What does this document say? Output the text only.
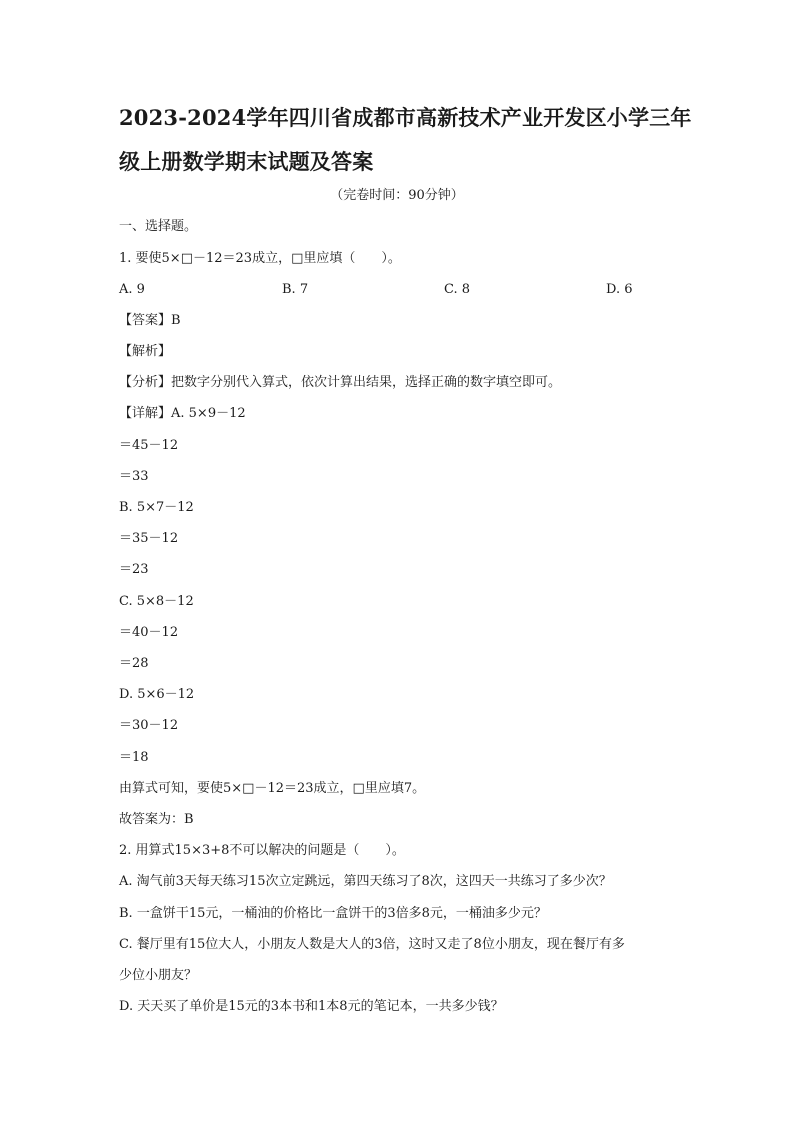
2023-2024学年四川省成都市高新技术产业开发区小学三年
级上册数学期末试题及答案
（完卷时间：90分钟）
一、选择题。
1. 要使5×□－12＝23成立，□里应填（　　）。
A. 9	B. 7	C. 8	D. 6
【答案】B
【解析】
【分析】把数字分别代入算式，依次计算出结果，选择正确的数字填空即可。
【详解】A. 5×9－12
＝45－12
＝33
B. 5×7－12
＝35－12
＝23
C. 5×8－12
＝40－12
＝28
D. 5×6－12
＝30－12
＝18
由算式可知，要使5×□－12＝23成立，□里应填7。
故答案为：B
2. 用算式15×3+8不可以解决的问题是（　　）。
A. 淘气前3天每天练习15次立定跳远，第四天练习了8次，这四天一共练习了多少次？
B. 一盒饼干15元，一桶油的价格比一盒饼干的3倍多8元，一桶油多少元？
C. 餐厅里有15位大人，小朋友人数是大人的3倍，这时又走了8位小朋友，现在餐厅有多
少位小朋友？
D. 天天买了单价是15元的3本书和1本8元的笔记本，一共多少钱？
